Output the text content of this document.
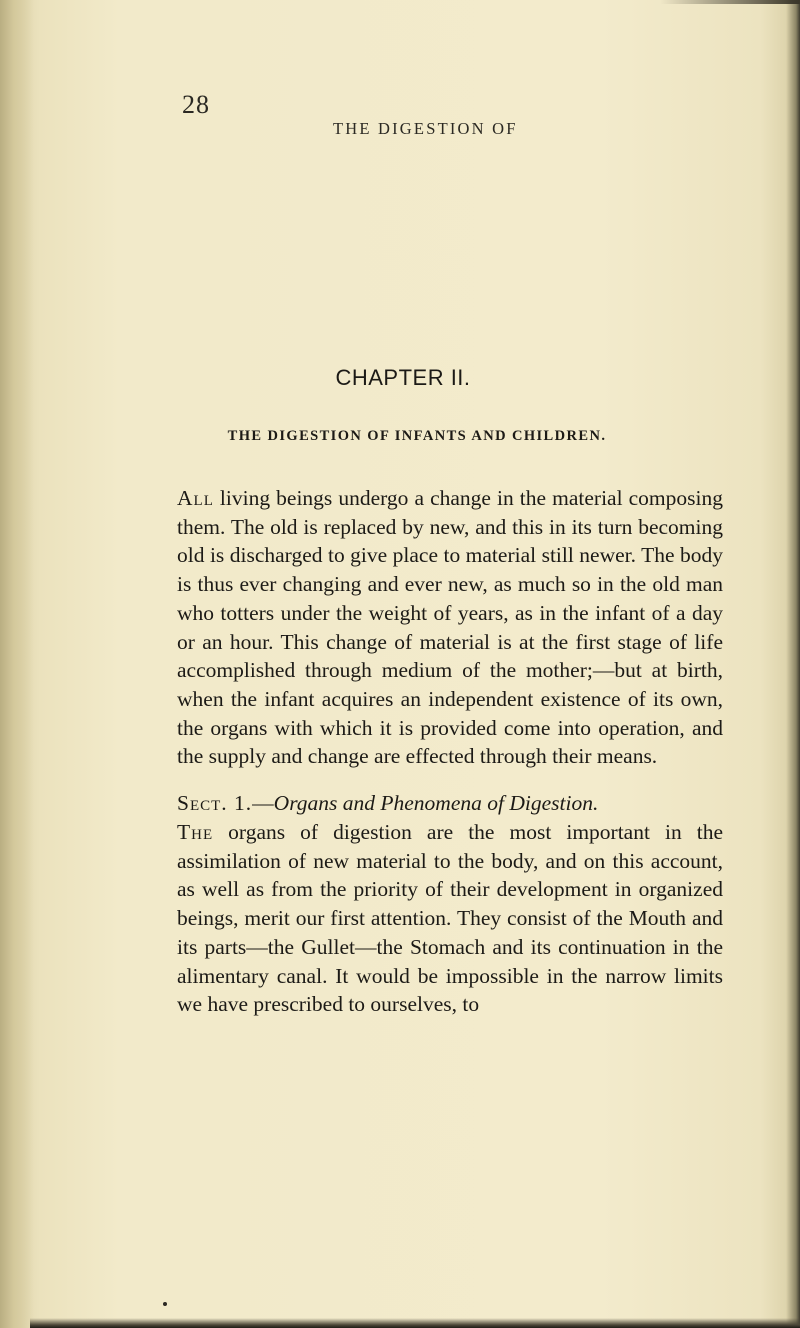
28
THE DIGESTION OF
CHAPTER II.
THE DIGESTION OF INFANTS AND CHILDREN.

All living beings undergo a change in the material composing them. The old is replaced by new, and this in its turn becoming old is discharged to give place to material still newer. The body is thus ever changing and ever new, as much so in the old man who totters under the weight of years, as in the infant of a day or an hour. This change of material is at the first stage of life accomplished through medium of the mother;—but at birth, when the infant acquires an independent existence of its own, the organs with which it is provided come into operation, and the supply and change are effected through their means.

Sect. 1.—Organs and Phenomena of Digestion.

The organs of digestion are the most important in the assimilation of new material to the body, and on this account, as well as from the priority of their development in organized beings, merit our first attention. They consist of the Mouth and its parts—the Gullet—the Stomach and its continuation in the alimentary canal. It would be impossible in the narrow limits we have prescribed to ourselves, to
